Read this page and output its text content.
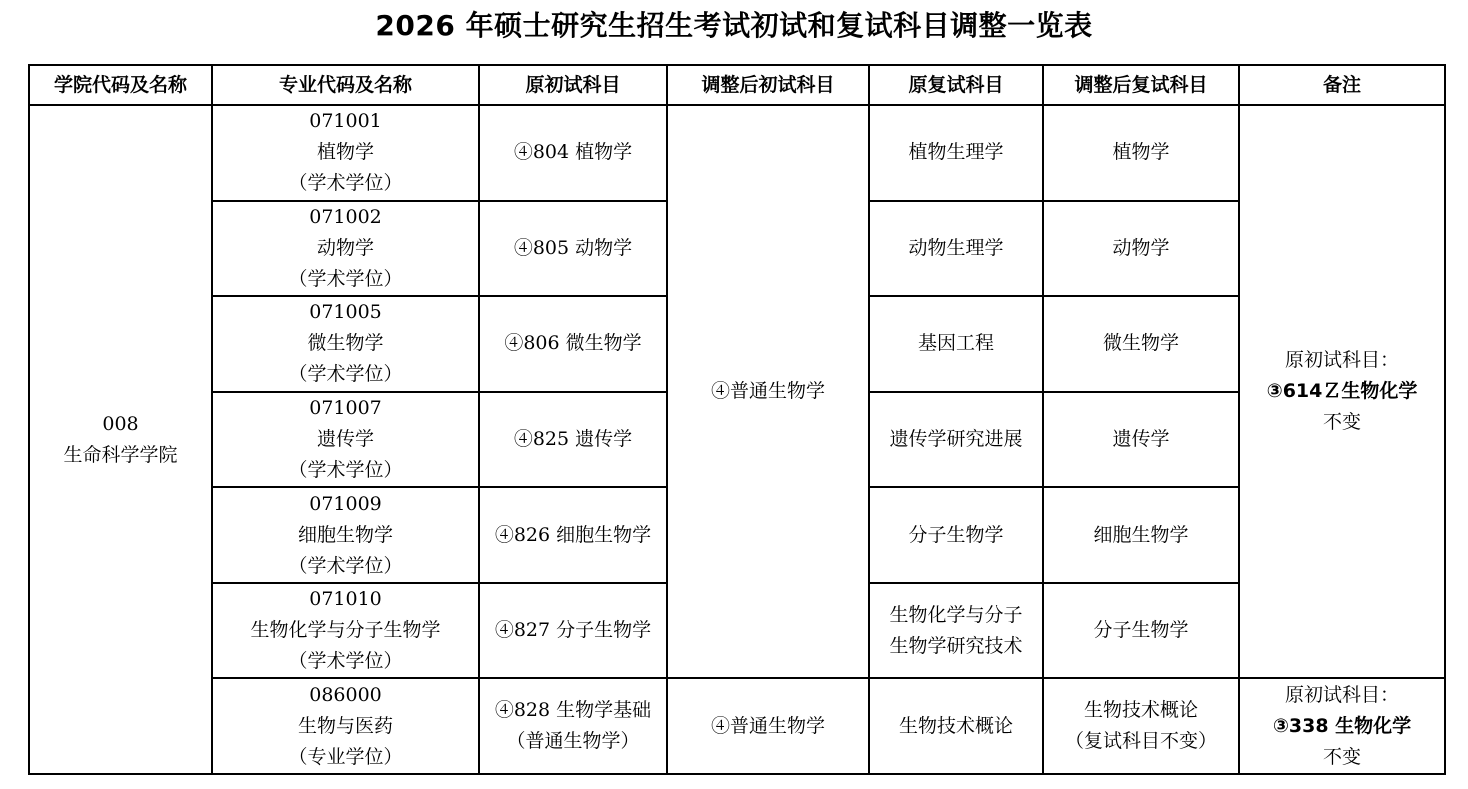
2026 年硕士研究生招生考试初试和复试科目调整一览表
学院代码及名称	专业代码及名称	原初试科目	调整后初试科目	原复试科目	调整后复试科目	备注

008
生命科学学院	071001
植物学
（学术学位）	④804 植物学	④普通生物学	植物生理学	植物学	原初试科目：
③614Ｚ生物化学
不变

	071002
动物学
（学术学位）	④805 动物学		动物生理学	动物学	

	071005
微生物学
（学术学位）	④806 微生物学		基因工程	微生物学	

	071007
遗传学
（学术学位）	④825 遗传学		遗传学研究进展	遗传学	

	071009
细胞生物学
（学术学位）	④826 细胞生物学		分子生物学	细胞生物学	

	071010
生物化学与分子生物学
（学术学位）	④827 分子生物学		生物化学与分子
生物学研究技术	分子生物学	

	086000
生物与医药
（专业学位）	④828 生物学基础
（普通生物学）	④普通生物学	生物技术概论	生物技术概论
（复试科目不变）	原初试科目：
③338 生物化学
不变
